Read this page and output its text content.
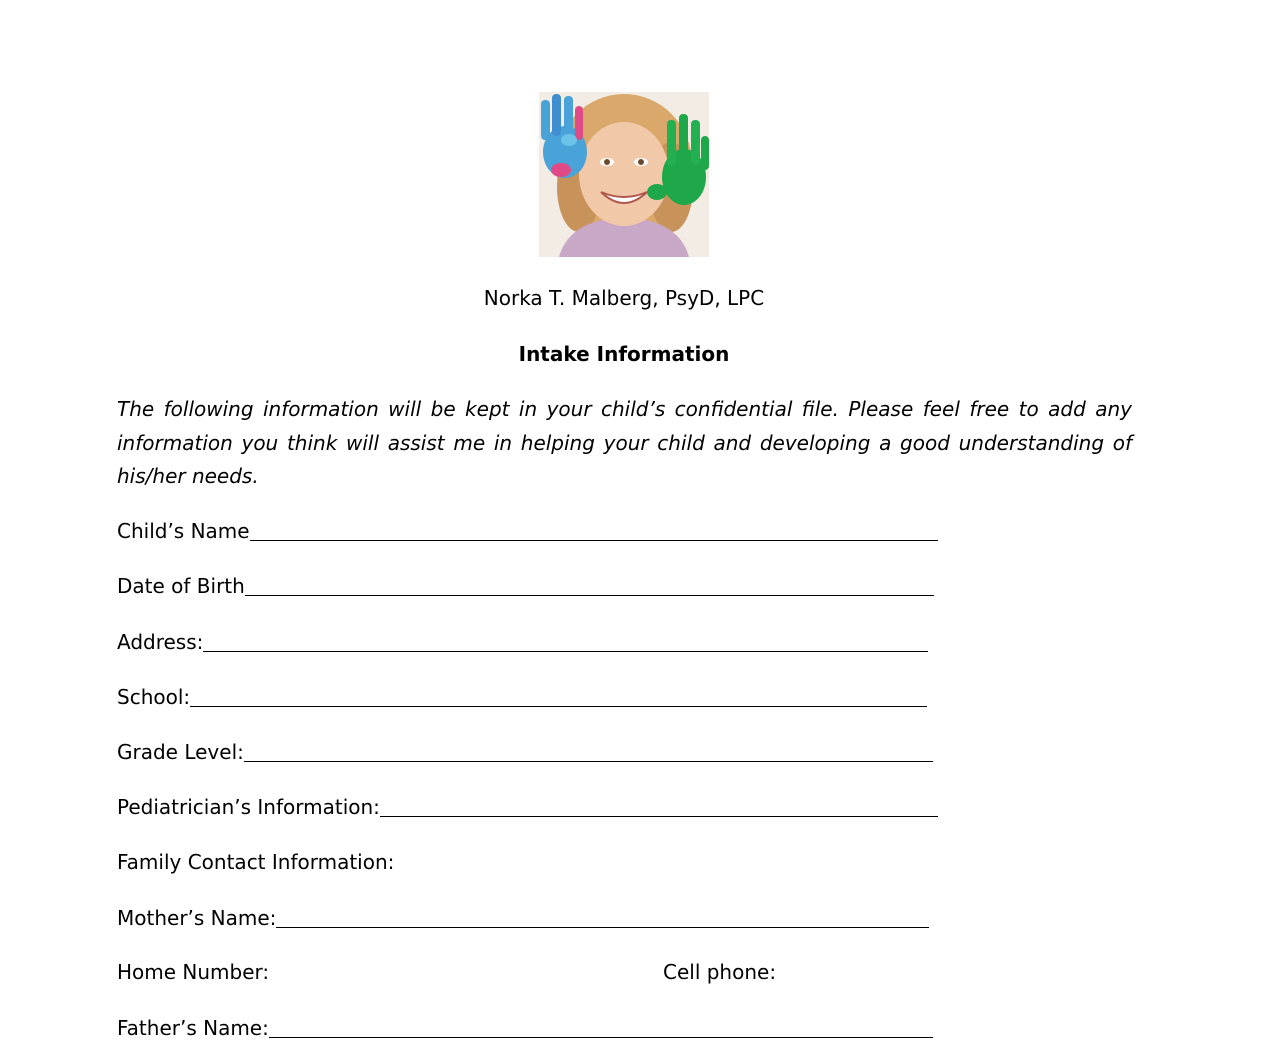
Norka T. Malberg, PsyD, LPC
Intake Information

The following information will be kept in your child’s confidential file. Please feel free to add any information you think will assist me in helping your child and developing a good understanding of his/her needs.

Child’s Name
Date of Birth
Address:
School:
Grade Level:
Pediatrician’s Information:
Family Contact Information:
Mother’s Name:
Home Number:	Cell phone:
Father’s Name:
